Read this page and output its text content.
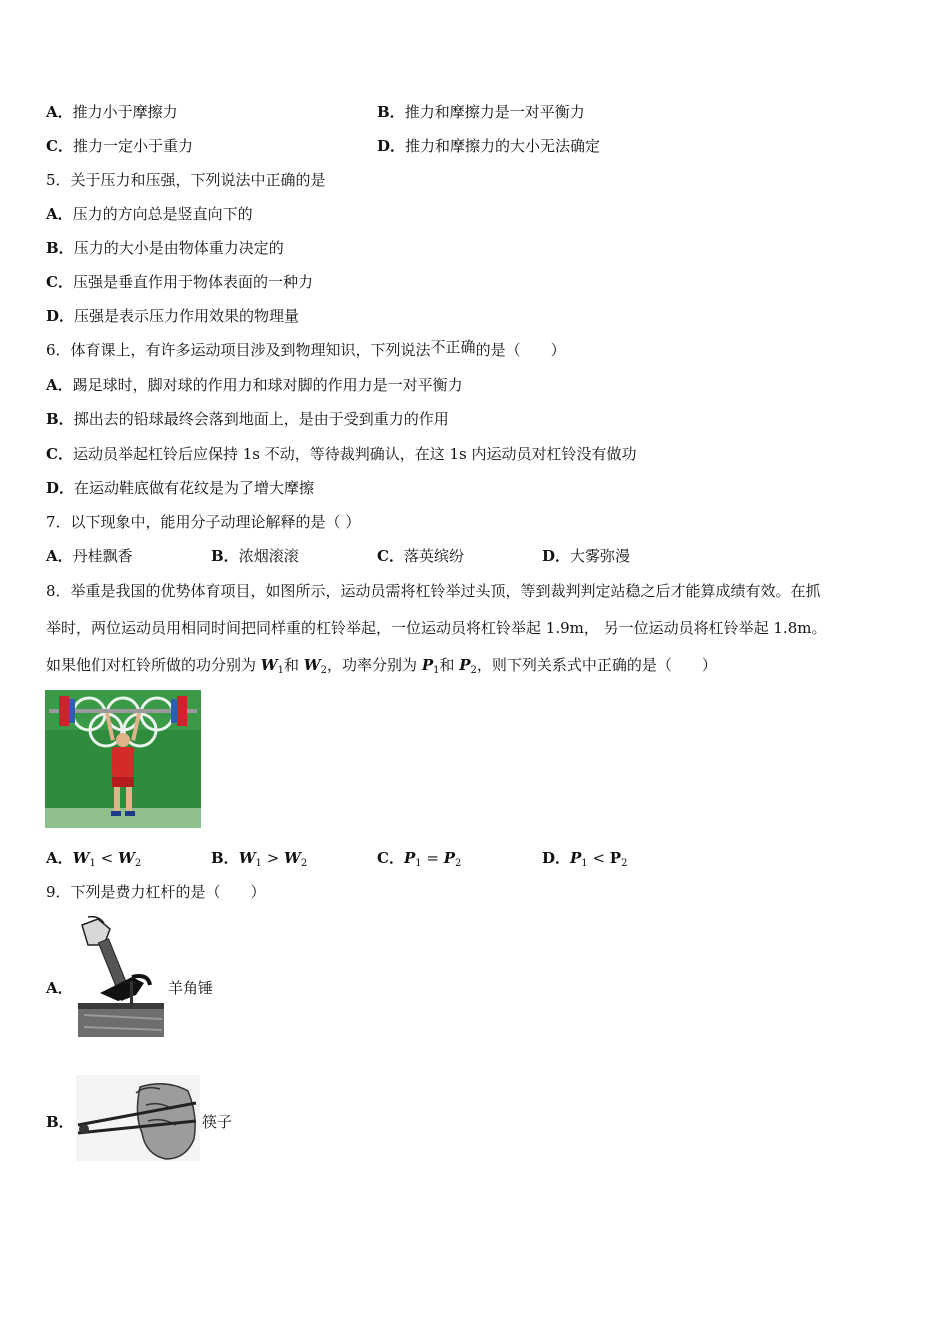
A．推力小于摩擦力	B．推力和摩擦力是一对平衡力
C．推力一定小于重力	D．推力和摩擦力的大小无法确定
5．关于压力和压强，下列说法中正确的是
A．压力的方向总是竖直向下的
B．压力的大小是由物体重力决定的
C．压强是垂直作用于物体表面的一种力
D．压强是表示压力作用效果的物理量
6．体育课上，有许多运动项目涉及到物理知识，下列说法不正确的是（　　）
A．踢足球时，脚对球的作用力和球对脚的作用力是一对平衡力
B．掷出去的铅球最终会落到地面上，是由于受到重力的作用
C．运动员举起杠铃后应保持 1s 不动，等待裁判确认，在这 1s 内运动员对杠铃没有做功
D．在运动鞋底做有花纹是为了增大摩擦
7．以下现象中，能用分子动理论解释的是（ ）
A．丹桂飘香	B．浓烟滚滚	C．落英缤纷	D．大雾弥漫
8．举重是我国的优势体育项目，如图所示，运动员需将杠铃举过头顶，等到裁判判定站稳之后才能算成绩有效。在抓
举时，两位运动员用相同时间把同样重的杠铃举起，一位运动员将杠铃举起 1.9m， 另一位运动员将杠铃举起 1.8m。
如果他们对杠铃所做的功分别为 $W_1$和 $W_2$，功率分别为 $P_1$和 $P_2$，则下列关系式中正确的是（　　）
A．$W_1 < W_2$	B．$W_1 > W_2$	C．$P_1 = P_2$	D．$P_1 < P_2$
9．下列是费力杠杆的是（　　）
A．	羊角锤
B．	筷子
